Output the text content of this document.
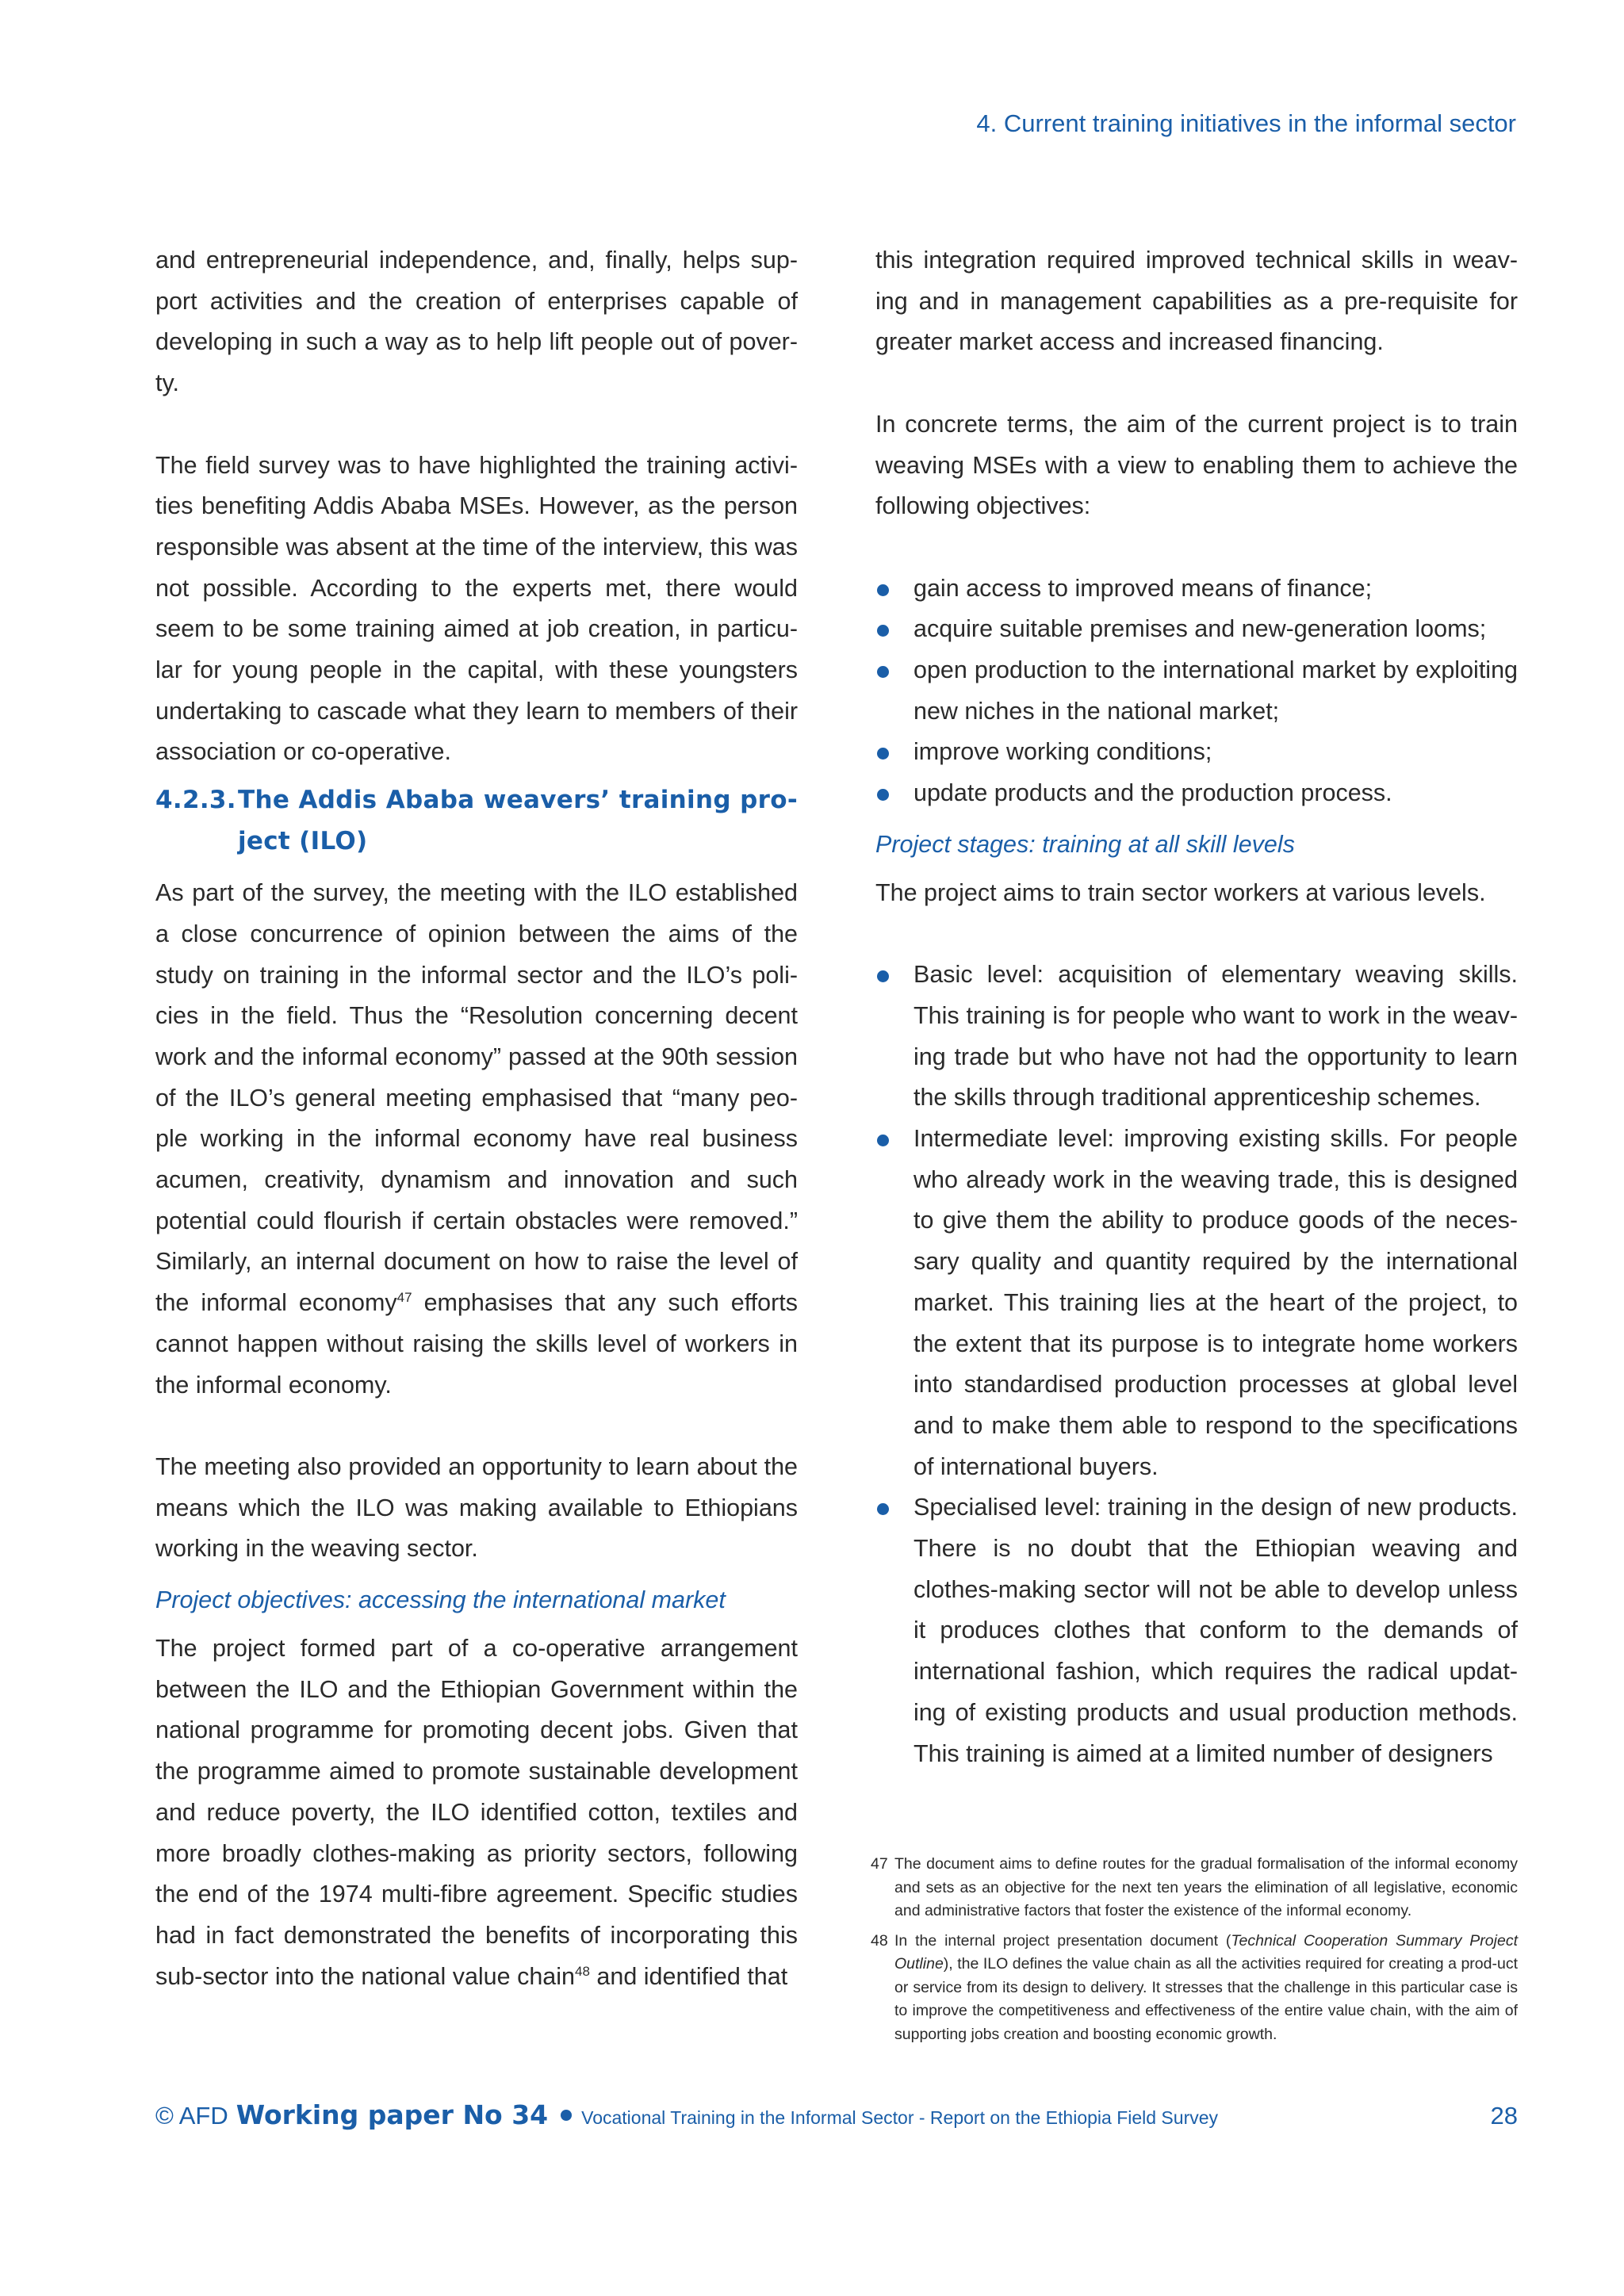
4. Current training initiatives in the informal sector

and entrepreneurial independence, and, finally, helps sup-port activities and the creation of enterprises capable of developing in such a way as to help lift people out of pover-ty.

The field survey was to have highlighted the training activi-ties benefiting Addis Ababa MSEs. However, as the person responsible was absent at the time of the interview, this was not possible. According to the experts met, there would seem to be some training aimed at job creation, in particu-lar for young people in the capital, with these youngsters undertaking to cascade what they learn to members of their association or co-operative.

4.2.3. The Addis Ababa weavers’ training pro-ject (ILO)

As part of the survey, the meeting with the ILO established a close concurrence of opinion between the aims of the study on training in the informal sector and the ILO’s poli-cies in the field. Thus the “Resolution concerning decent work and the informal economy” passed at the 90th session of the ILO’s general meeting emphasised that “many peo-ple working in the informal economy have real business acumen, creativity, dynamism and innovation and such potential could flourish if certain obstacles were removed.” Similarly, an internal document on how to raise the level of the informal economy$^{47}$ emphasises that any such efforts cannot happen without raising the skills level of workers in the informal economy.

The meeting also provided an opportunity to learn about the means which the ILO was making available to Ethiopians working in the weaving sector.

Project objectives: accessing the international market

The project formed part of a co-operative arrangement between the ILO and the Ethiopian Government within the national programme for promoting decent jobs. Given that the programme aimed to promote sustainable development and reduce poverty, the ILO identified cotton, textiles and more broadly clothes-making as priority sectors, following the end of the 1974 multi-fibre agreement. Specific studies had in fact demonstrated the benefits of incorporating this sub-sector into the national value chain$^{48}$ and identified that

this integration required improved technical skills in weav-ing and in management capabilities as a pre-requisite for greater market access and increased financing.

In concrete terms, the aim of the current project is to train weaving MSEs with a view to enabling them to achieve the following objectives:

gain access to improved means of finance;
acquire suitable premises and new-generation looms;
open production to the international market by exploiting new niches in the national market;
improve working conditions;
update products and the production process.
Project stages: training at all skill levels

The project aims to train sector workers at various levels.

Basic level: acquisition of elementary weaving skills. This training is for people who want to work in the weav-ing trade but who have not had the opportunity to learn the skills through traditional apprenticeship schemes.
Intermediate level: improving existing skills. For people who already work in the weaving trade, this is designed to give them the ability to produce goods of the neces-sary quality and quantity required by the international market. This training lies at the heart of the project, to the extent that its purpose is to integrate home workers into standardised production processes at global level and to make them able to respond to the specifications of international buyers.
Specialised level: training in the design of new products. There is no doubt that the Ethiopian weaving and clothes-making sector will not be able to develop unless it produces clothes that conform to the demands of international fashion, which requires the radical updat-ing of existing products and usual production methods. This training is aimed at a limited number of designers
47 The document aims to define routes for the gradual formalisation of the informal economy and sets as an objective for the next ten years the elimination of all legislative, economic and administrative factors that foster the existence of the informal economy.
48 In the internal project presentation document (Technical Cooperation Summary Project Outline), the ILO defines the value chain as all the activities required for creating a prod-uct or service from its design to delivery. It stresses that the challenge in this particular case is to improve the competitiveness and effectiveness of the entire value chain, with the aim of supporting jobs creation and boosting economic growth.
© AFD Working paper No 34 Vocational Training in the Informal Sector - Report on the Ethiopia Field Survey	28
